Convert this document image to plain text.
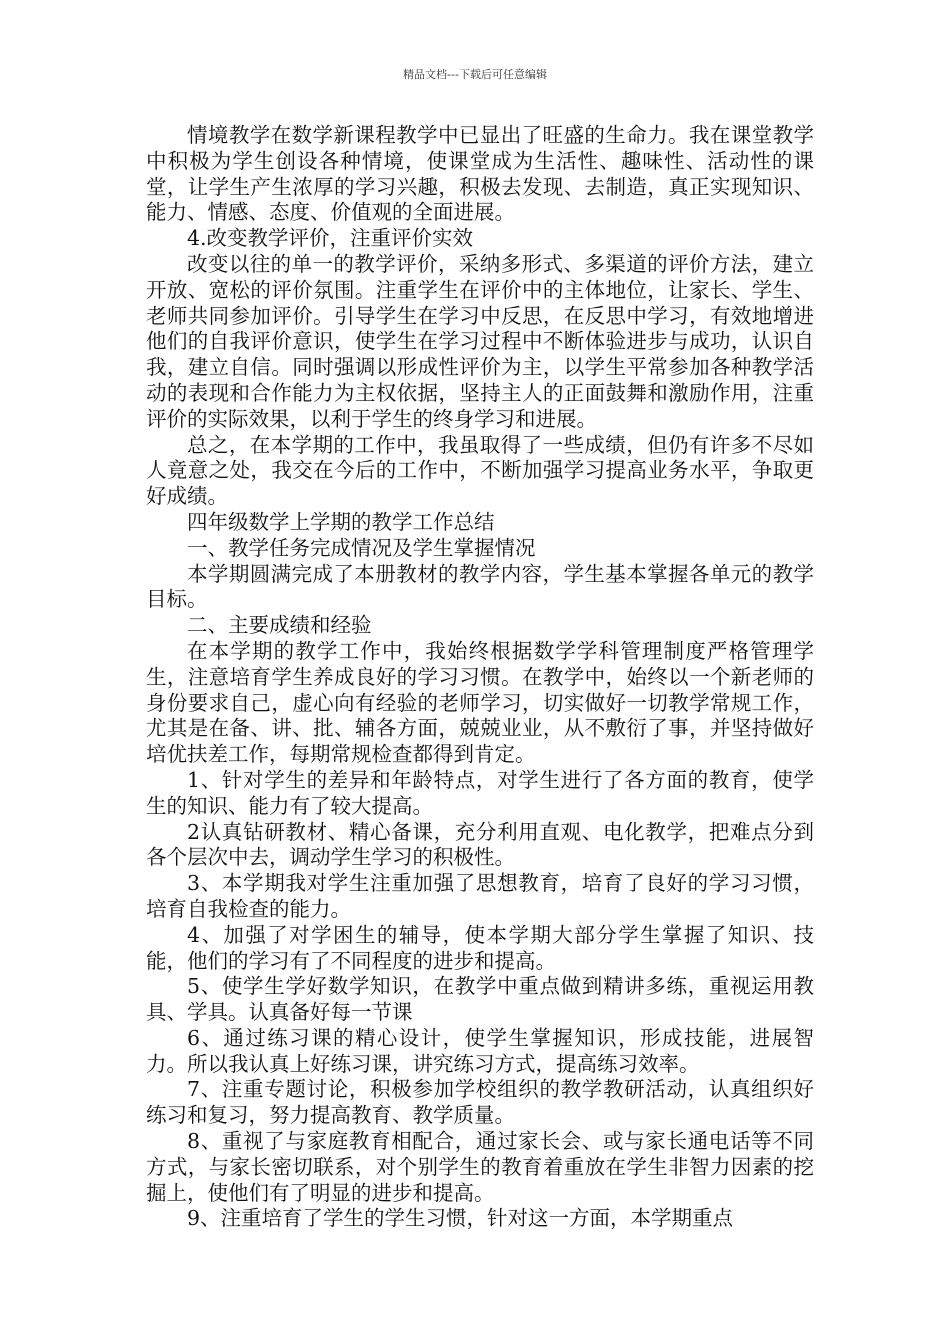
精品文档---下载后可任意编辑

情境教学在数学新课程教学中已显出了旺盛的生命力。我在课堂教学中积极为学生创设各种情境，使课堂成为生活性、趣味性、活动性的课堂，让学生产生浓厚的学习兴趣，积极去发现、去制造，真正实现知识、能力、情感、态度、价值观的全面进展。

4.改变教学评价，注重评价实效

改变以往的单一的教学评价，采纳多形式、多渠道的评价方法，建立开放、宽松的评价氛围。注重学生在评价中的主体地位，让家长、学生、老师共同参加评价。引导学生在学习中反思，在反思中学习，有效地增进他们的自我评价意识，使学生在学习过程中不断体验进步与成功，认识自我，建立自信。同时强调以形成性评价为主，以学生平常参加各种教学活动的表现和合作能力为主权依据，坚持主人的正面鼓舞和激励作用，注重评价的实际效果，以利于学生的终身学习和进展。

总之，在本学期的工作中，我虽取得了一些成绩，但仍有许多不尽如人竟意之处，我交在今后的工作中，不断加强学习提高业务水平，争取更好成绩。

四年级数学上学期的教学工作总结

一、教学任务完成情况及学生掌握情况

本学期圆满完成了本册教材的教学内容，学生基本掌握各单元的教学目标。

二、主要成绩和经验

在本学期的教学工作中，我始终根据数学学科管理制度严格管理学生，注意培育学生养成良好的学习习惯。在教学中，始终以一个新老师的身份要求自己，虚心向有经验的老师学习，切实做好一切教学常规工作，尤其是在备、讲、批、辅各方面，兢兢业业，从不敷衍了事，并坚持做好培优扶差工作，每期常规检查都得到肯定。

1、针对学生的差异和年龄特点，对学生进行了各方面的教育，使学生的知识、能力有了较大提高。

2认真钻研教材、精心备课，充分利用直观、电化教学，把难点分到各个层次中去，调动学生学习的积极性。

3、本学期我对学生注重加强了思想教育，培育了良好的学习习惯，培育自我检查的能力。

4、加强了对学困生的辅导，使本学期大部分学生掌握了知识、技能，他们的学习有了不同程度的进步和提高。

5、使学生学好数学知识，在教学中重点做到精讲多练，重视运用教具、学具。认真备好每一节课

6、通过练习课的精心设计，使学生掌握知识，形成技能，进展智力。所以我认真上好练习课，讲究练习方式，提高练习效率。

7、注重专题讨论，积极参加学校组织的教学教研活动，认真组织好练习和复习，努力提高教育、教学质量。

8、重视了与家庭教育相配合，通过家长会、或与家长通电话等不同方式，与家长密切联系，对个别学生的教育着重放在学生非智力因素的挖掘上，使他们有了明显的进步和提高。

9、注重培育了学生的学生习惯，针对这一方面，本学期重点
